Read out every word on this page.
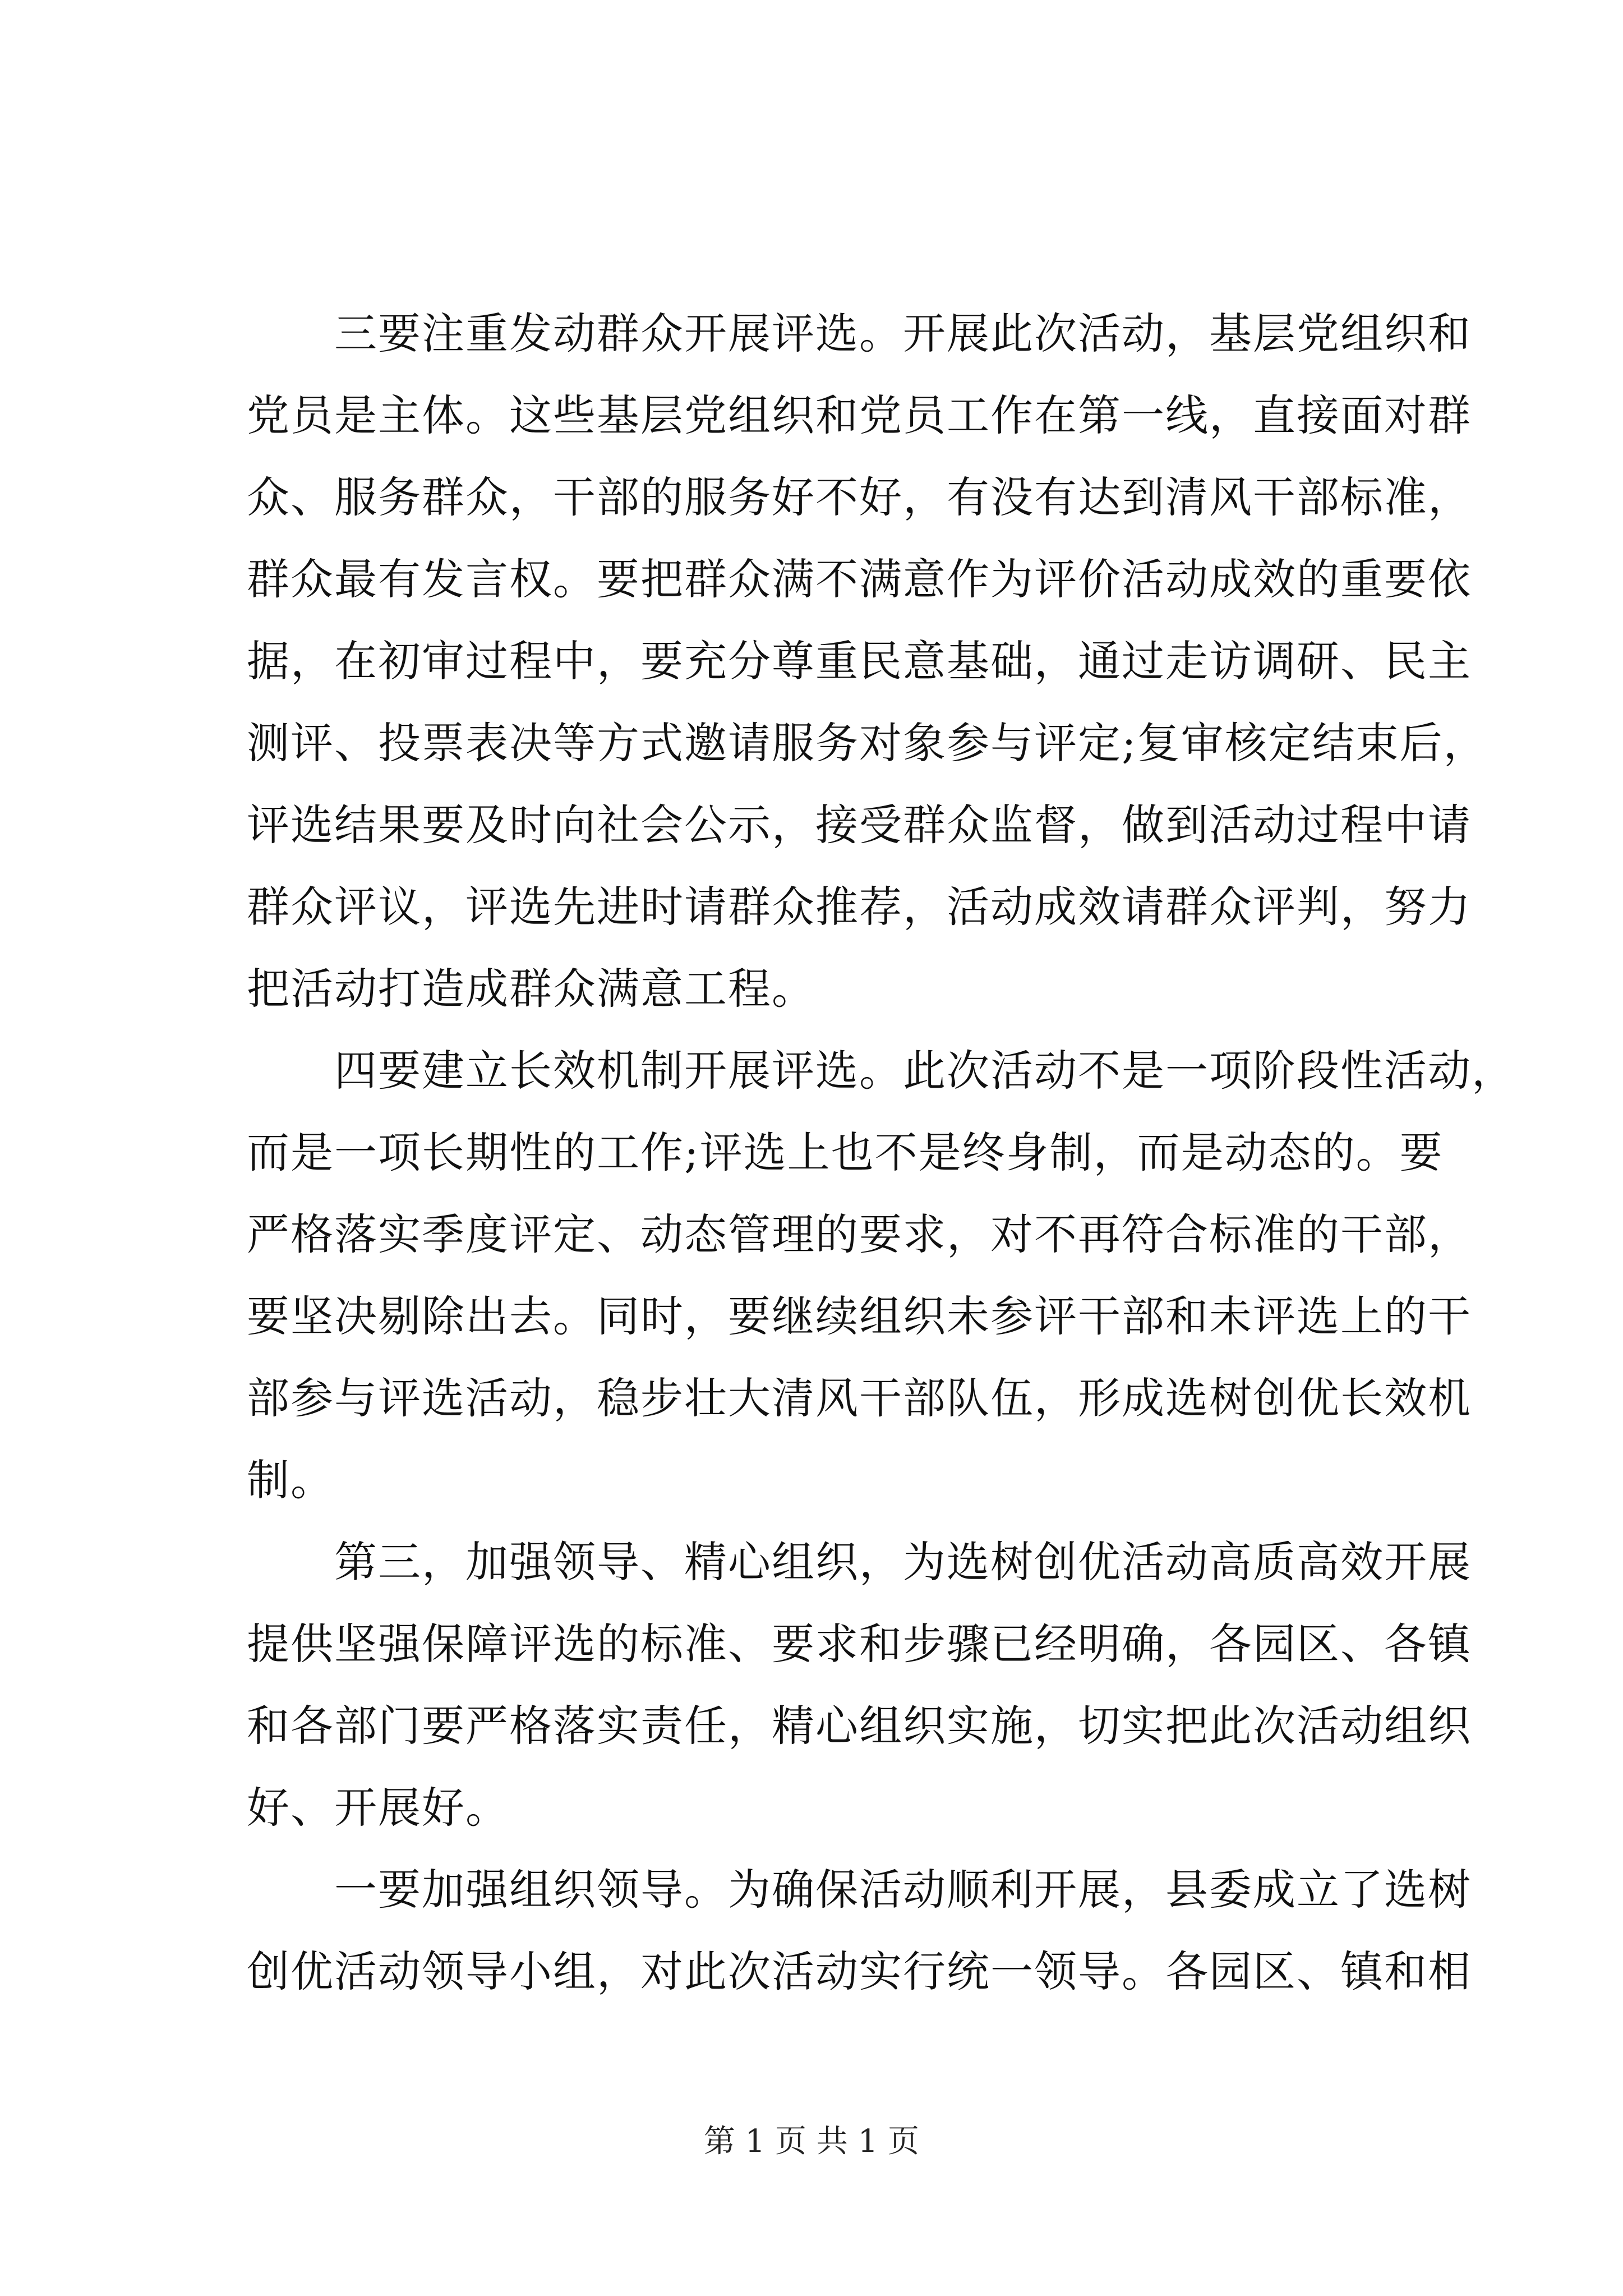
　　三要注重发动群众开展评选。开展此次活动，基层党组织和
党员是主体。这些基层党组织和党员工作在第一线，直接面对群
众、服务群众，干部的服务好不好，有没有达到清风干部标准，
群众最有发言权。要把群众满不满意作为评价活动成效的重要依
据，在初审过程中，要充分尊重民意基础，通过走访调研、民主
测评、投票表决等方式邀请服务对象参与评定;复审核定结束后，
评选结果要及时向社会公示，接受群众监督，做到活动过程中请
群众评议，评选先进时请群众推荐，活动成效请群众评判，努力
把活动打造成群众满意工程。
　　四要建立长效机制开展评选。此次活动不是一项阶段性活动，
而是一项长期性的工作;评选上也不是终身制，而是动态的。要
严格落实季度评定、动态管理的要求，对不再符合标准的干部，
要坚决剔除出去。同时，要继续组织未参评干部和未评选上的干
部参与评选活动，稳步壮大清风干部队伍，形成选树创优长效机
制。
　　第三，加强领导、精心组织，为选树创优活动高质高效开展
提供坚强保障评选的标准、要求和步骤已经明确，各园区、各镇
和各部门要严格落实责任，精心组织实施，切实把此次活动组织
好、开展好。
　　一要加强组织领导。为确保活动顺利开展，县委成立了选树
创优活动领导小组，对此次活动实行统一领导。各园区、镇和相
第 1 页 共 1 页
